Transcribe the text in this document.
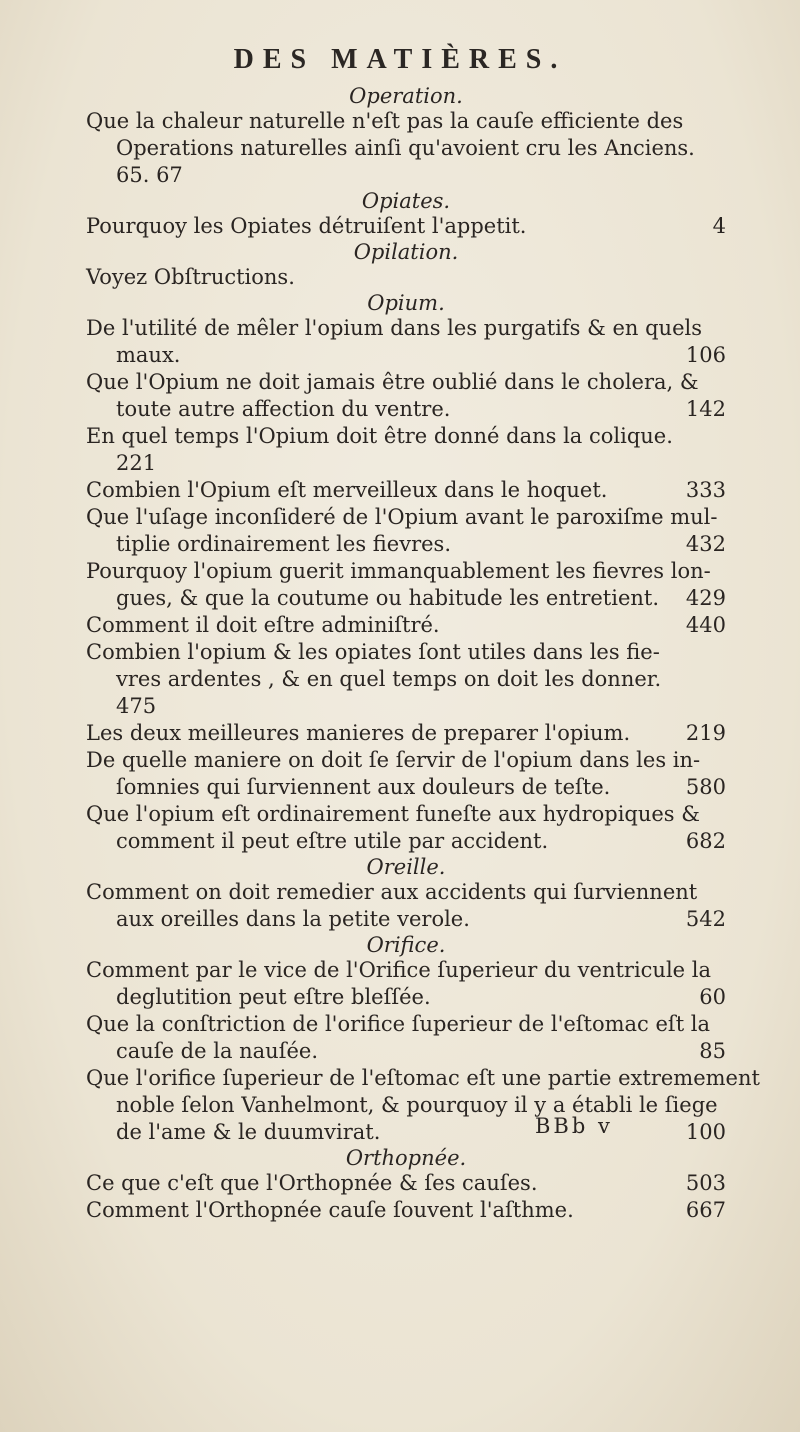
DES MATIÈRES.
Operation.
Que la chaleur naturelle n'eſt pas la cauſe efficiente des
Operations naturelles ainſi qu'avoient cru les Anciens.
65. 67
Opiates.
Pourquoy les Opiates détruiſent l'appetit.	4
Opilation.
Voyez Obſtructions.
Opium.
De l'utilité de mêler l'opium dans les purgatifs & en quels
maux.	106
Que l'Opium ne doit jamais être oublié dans le cholera, &
toute autre affection du ventre.	142
En quel temps l'Opium doit être donné dans la colique.
221
Combien l'Opium eſt merveilleux dans le hoquet.	333
Que l'uſage inconſideré de l'Opium avant le paroxiſme mul-
tiplie ordinairement les fievres.	432
Pourquoy l'opium guerit immanquablement les fievres lon-
gues, & que la coutume ou habitude les entretient. 429
Comment il doit eſtre adminiſtré.	440
Combien l'opium & les opiates ſont utiles dans les fie-
vres ardentes , & en quel temps on doit les donner.
475
Les deux meilleures manieres de preparer l'opium.	219
De quelle maniere on doit ſe ſervir de l'opium dans les in-
ſomnies qui ſurviennent aux douleurs de teſte.	580
Que l'opium eſt ordinairement funeſte aux hydropiques &
comment il peut eſtre utile par accident.	682
Oreille.
Comment on doit remedier aux accidents qui ſurviennent
aux oreilles dans la petite verole.	542
Orifice.
Comment par le vice de l'Orifice ſuperieur du ventricule la
deglutition peut eſtre bleſſée.	60
Que la conſtriction de l'orifice ſuperieur de l'eſtomac eſt la
cauſe de la nauſée.	85
Que l'orifice ſuperieur de l'eſtomac eſt une partie extremement
noble ſelon Vanhelmont, & pourquoy il y a établi le ſiege
de l'ame & le duumvirat.	100
Orthopnée.
Ce que c'eſt que l'Orthopnée & ſes cauſes.	503
Comment l'Orthopnée cauſe ſouvent l'aſthme.	667
BBb v
